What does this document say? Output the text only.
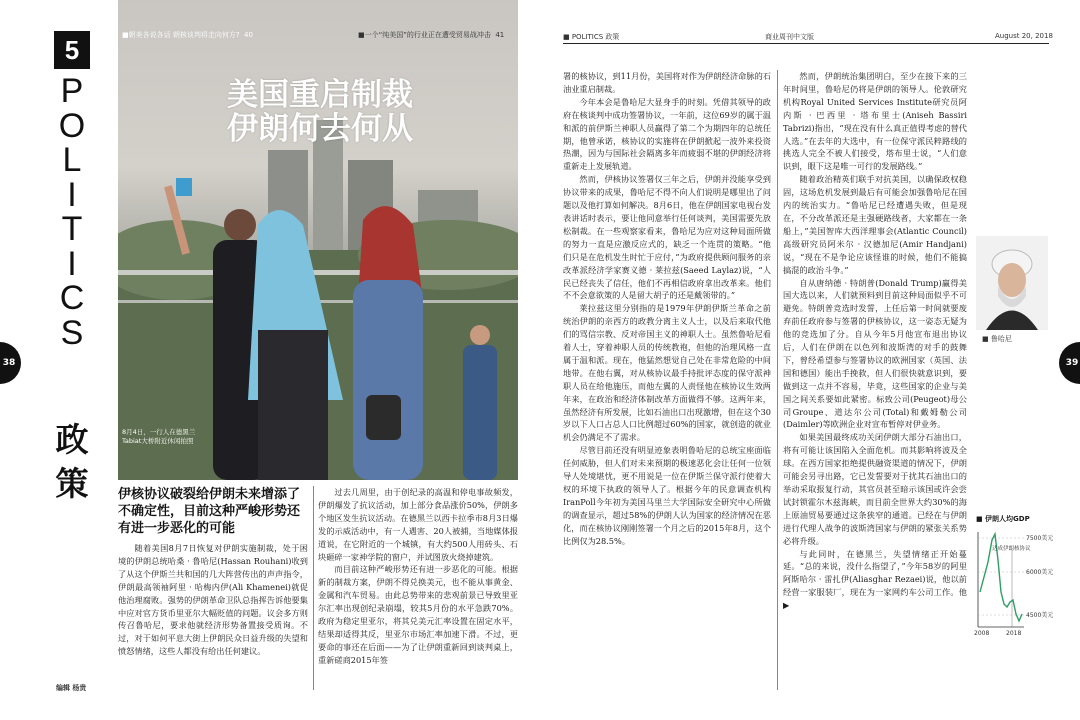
5
P
O
L
I
T
I
C
S
政策
38
美国重启制裁
伊朗何去何从
8月4日，一行人在德黑兰
Tabiat大桥附近休闲拍照
■朝美各说各话 朝核谈判将走向何方? 40	■一个“纯美国”的行业正在遭受贸易战冲击 41
伊核协议破裂给伊朗未来增添了不确定性，目前这种严峻形势还有进一步恶化的可能

随着美国8月7日恢复对伊朗实施制裁，处于困境的伊朗总统哈桑 · 鲁哈尼(Hassan Rouhani)收到了从这个伊斯兰共和国的几大阵营传出的声声指令，伊朗最高领袖阿里 · 哈梅内伊(Ali Khamenei)就促他治理腐败。强势的伊朗革命卫队总指挥告诉他要集中应对官方货币里亚尔大幅贬值的问题。议会多方则传召鲁哈尼，要求他就经济形势备置接受质询。不过，对于如何平息大街上伊朗民众日益升级的失望和愤怒情绪，这些人都没有给出任何建议。

过去几周里，由于创纪录的高温和停电事故频发，伊朗爆发了抗议活动，加上部分食品涨价50%，伊朗多个地区发生抗议活动。在德黑兰以西卡拉季市8月3日爆发的示威活动中，有一人遇害、20人被捕，当地媒体报道说，在它附近的一个城镇，有大约500人用砖头、石块砸碎一家神学院的窗户，并试图放火烧掉建筑。

而目前这种严峻形势还有进一步恶化的可能。根据新的制裁方案，伊朗不得兑换美元，也不能从事黄金、金属和汽车贸易。由此总势带来的悲观前景已导致里亚尔汇率出现创纪录崩塌，较其5月份的水平急跌70%。政府为稳定里亚尔，将其兑美元汇率设置在固定水平，结果却适得其反，里亚尔市场汇率加速下滑。不过，更要命的事还在后面——为了让伊朗重新回到谈判桌上，重新磋商2015年签

编辑 杨贵
■ POLITICS 政策	商业周刊中文版	August 20, 2018

署的核协议，到11月份，美国将对作为伊朗经济命脉的石油业重启制裁。

今年本会是鲁哈尼大显身手的时刻。凭借其领导的政府在核谈判中成功签署协议，一年前，这位69岁的属于温和派的前伊斯兰神职人员赢得了第二个为期四年的总统任期，他曾承诺，核协议的实施将在伊朗掀起一波外来投资热潮，因为与国际社会隔离多年而疲弱不堪的伊朗经济将重新走上发展轨道。

然而，伊核协议签署仅三年之后，伊朗并没能享受到协议带来的成果，鲁哈尼不得不向人们说明是哪里出了问题以及他打算如何解决。8月6日，他在伊朗国家电视台发表讲话时表示，要让他同意举行任何谈判，美国需要先放松制裁。在一些观察家看来，鲁哈尼为应对这种局面所做的努力一直是应激反应式的，缺乏一个连贯的策略。“他们只是在危机发生时忙于应付，”为政府提供顾问服务的亲改革派经济学家赛义德 · 莱拉兹(Saeed Laylaz)说，“人民已经丧失了信任，他们不再相信政府拿出改革来。他们不不会意欲策的人是留大胡子的还是戴领带的。”

莱拉兹这里分别指的是1979年伊朗伊斯兰革命之前统治伊朗的亲西方的政教分离主义人士，以及后来取代他们的骂信宗教、反对帝国主义的神职人士。虽然鲁哈尼看着人士，穿着神职人员的传统教袍，但他的治理风格一直属于温和派。现在，他猛然想觉自己处在非常危险的中间地带。在他右翼，对从核协议最手持批评态度的保守派神职人员在给他施压，而他左翼的人责怪他在核协议生效两年来，在政治和经济体制改革方面做得不够。这两年来，虽然经济有所发展，比如石油出口出现激增，但在这个30岁以下人口占总人口比例超过60%的国家，就创造的就业机会仍满足不了需求。

尽管目前还没有明显迹象表明鲁哈尼的总统宝座面临任何威胁，但人们对未来预期的极速恶化会让任何一位领导人处境堪忧，更不用说是一位在伊斯兰保守派行使着大权的环境下执政的领导人了。根据今年的民意调查机构IranPoll今年初为美国马里兰大学国际安全研究中心所做的调查显示，超过58%的伊朗人认为国家的经济情况在恶化，而在核协议刚刚签署一个月之后的2015年8月，这个比例仅为28.5%。

然而，伊朗统治集团明白，至少在接下来的三年时间里，鲁哈尼仍将是伊朗的领导人。伦敦研究机构Royal United Services Institute研究员阿内斯 · 巴西里 · 塔布里士(Aniseh Bassiri Tabrizi)指出，“现在没有什么真正值得考虑的替代人选。”在去年的大选中，有一位保守派民粹路线的挑选人完全不被人们接受，塔布里士说，“人们意识到，眼下这是唯一可行的发展路线。”

随着政治精英们联手对抗美国，以确保政权稳固，这场危机发展到最后有可能会加强鲁哈尼在国内的统治实力。“鲁哈尼已经遭遇失败，但是现在，不分改革派还是主强硬路线者，大家都在一条船上，”美国智库大西洋理事会(Atlantic Council)高级研究员阿米尔 · 汉德加尼(Amir Handjani)说，“现在不是争论应该怪谁的时候，他们不能搞搞混的政治斗争。”

自从唐纳德 · 特朗普(Donald Trump)赢得美国大选以来，人们就预料到目前这种局面似乎不可避免。特朗普竞选时发誓，上任后第一时间就要废弃前任政府参与签署的伊核协议，这一姿态无疑为他的竞选加了分。自从今年5月他宣布退出协议后，人们在伊朗在以色列和波斯湾的对手的鼓舞下，曾经希望参与签署协议的欧洲国家（英国、法国和德国）能出手挽救，但人们很快就意识到，要做到这一点并不容易，毕竟，这些国家的企业与美国之间关系要如此紧密。标致公司(Peugeot)母公司Groupe、道达尔公司(Total)和戴姆勒公司(Daimler)等欧洲企业对宣布暂停对伊业务。

如果美国最终成功关闭伊朗大部分石油出口，将有可能让该国陷入全面危机。而其影响将波及全球。在西方国家拒绝提供融资渠道的情况下，伊朗可能会另寻出路，它已发誓要对于扰其石油出口的举动采取报复行动，其官员甚至暗示该国或许会尝试封锁霍尔木兹海峡，而目前全世界大约30%的海上原油贸易要通过这条狭窄的通道。已经在与伊朗进行代理人战争的波斯湾国家与伊朗的紧张关系势必将升级。

与此同时，在德黑兰，失望情绪正开始蔓延。“总的来说，没什么指望了，”今年58岁的阿里阿斯哈尔 · 雷扎伊(Aliasghar Rezaei)说，他以前经营一家服装厂，现在为一家网约车公司工作。他 ▶

■ 鲁哈尼
■ 伊朗人均GDP
达成伊朗核协议
7500美元
6000美元
4500美元
2008	2018
39
